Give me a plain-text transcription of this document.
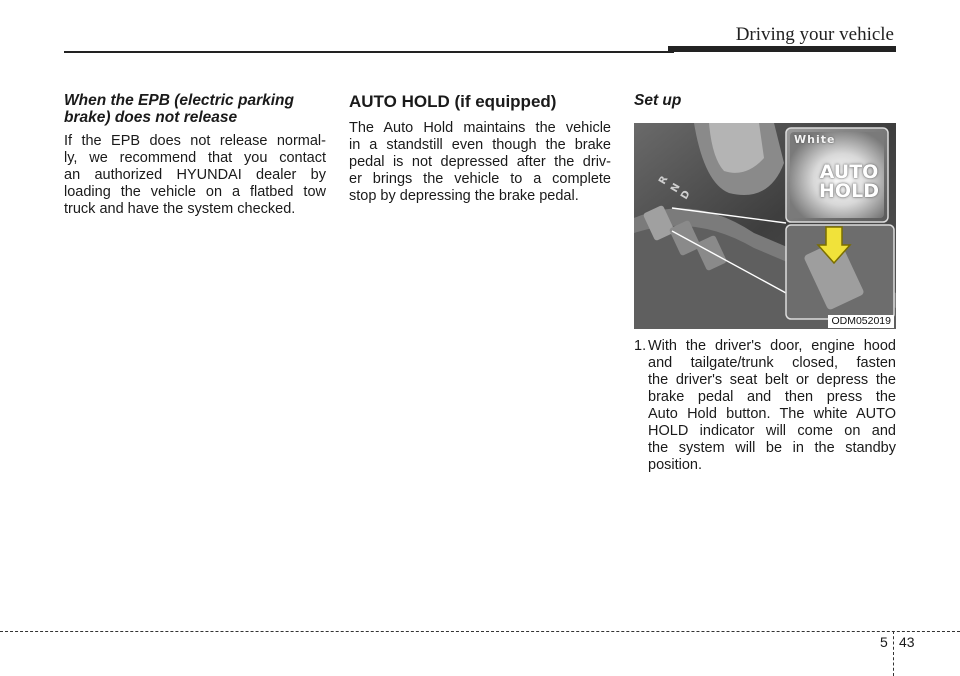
Driving your vehicle
When the EPB (electric parking
brake) does not release
If the EPB does not release normal-
ly, we recommend that you contact
an authorized HYUNDAI dealer by
loading the vehicle on a flatbed tow
truck and have the system checked.
AUTO HOLD (if equipped)
The Auto Hold maintains the vehicle
in a standstill even though the brake
pedal is not depressed after the driv-
er brings the vehicle to a complete
stop by depressing the brake pedal.
Set up
R
N
D
White
AUTO
HOLD
ODM052019
1. With the driver's door, engine hood
and tailgate/trunk closed, fasten
the driver's seat belt or depress the
brake pedal and then press the
Auto Hold button. The white AUTO
HOLD indicator will come on and
the system will be in the standby
position.
5 43
